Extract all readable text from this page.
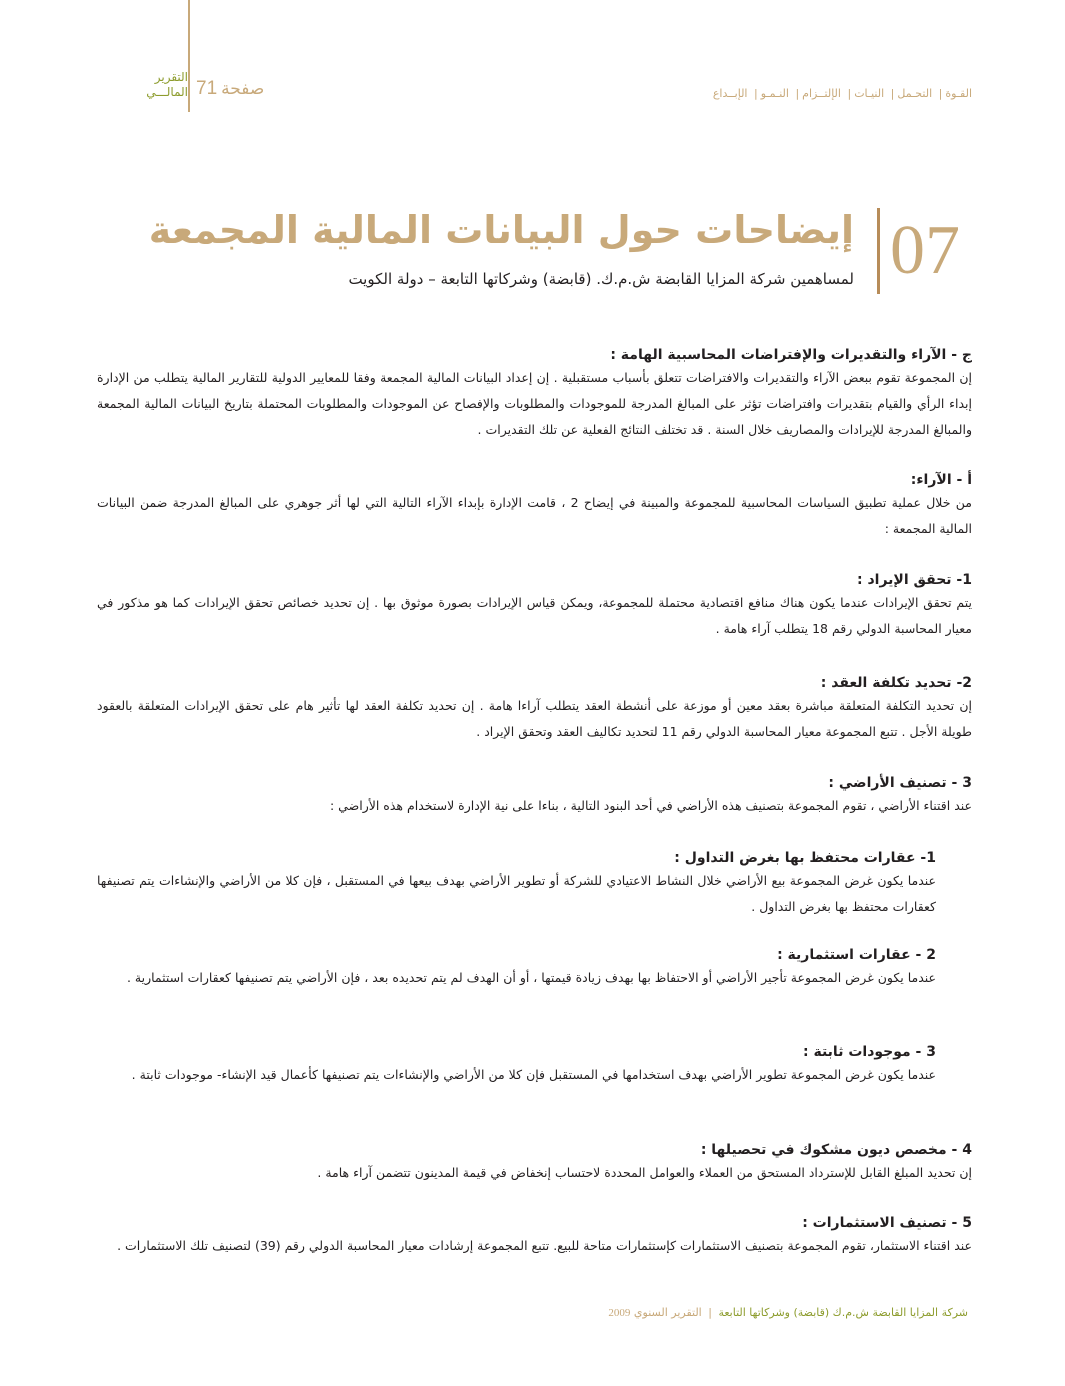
القـوة| التحـمل| النيـات| الإلتــزام| النـمـو| الإبــداع
التقرير
المالـــي	صفحة71
07
إيضاحات حول البيانات المالية المجمعة
لمساهمين شركة المزايا القابضة ش.م.ك. (قابضة) وشركاتها التابعة – دولة الكويت
ج - الآراء والتقديرات والإفتراضات المحاسبية الهامة :

إن المجموعة تقوم ببعض الآراء والتقديرات والافتراضات تتعلق بأسباب مستقبلية . إن إعداد البيانات المالية المجمعة وفقا للمعايير الدولية للتقارير المالية يتطلب من الإدارة إبداء الرأي والقيام بتقديرات وافتراضات تؤثر على المبالغ المدرجة للموجودات والمطلوبات والإفصاح عن الموجودات والمطلوبات المحتملة بتاريخ البيانات المالية المجمعة والمبالغ المدرجة للإيرادات والمصاريف خلال السنة . قد تختلف النتائج الفعلية عن تلك التقديرات .

أ - الآراء:

من خلال عملية تطبيق السياسات المحاسبية للمجموعة والمبينة في إيضاح 2 ، قامت الإدارة بإبداء الآراء التالية التي لها أثر جوهري على المبالغ المدرجة ضمن البيانات المالية المجمعة :

1- تحقق الإيراد :

يتم تحقق الإيرادات عندما يكون هناك منافع اقتصادية محتملة للمجموعة، ويمكن قياس الإيرادات بصورة موثوق بها . إن تحديد خصائص تحقق الإيرادات كما هو مذكور في معيار المحاسبة الدولي رقم 18 يتطلب آراء هامة .

2- تحديد تكلفة العقد :

إن تحديد التكلفة المتعلقة مباشرة بعقد معين أو موزعة على أنشطة العقد يتطلب آراءا هامة . إن تحديد تكلفة العقد لها تأثير هام على تحقق الإيرادات المتعلقة بالعقود طويلة الأجل . تتبع المجموعة معيار المحاسبة الدولي رقم 11 لتحديد تكاليف العقد وتحقق الإيراد .

3 - تصنيف الأراضي :

عند اقتناء الأراضي ، تقوم المجموعة بتصنيف هذه الأراضي في أحد البنود التالية ، بناءا على نية الإدارة لاستخدام هذه الأراضي :

1- عقارات محتفظ بها بغرض التداول :

عندما يكون غرض المجموعة بيع الأراضي خلال النشاط الاعتيادي للشركة أو تطوير الأراضي بهدف بيعها في المستقبل ، فإن كلا من الأراضي والإنشاءات يتم تصنيفها كعقارات محتفظ بها بغرض التداول .

2 - عقارات استثمارية :

عندما يكون غرض المجموعة تأجير الأراضي أو الاحتفاظ بها بهدف زيادة قيمتها ، أو أن الهدف لم يتم تحديده بعد ، فإن الأراضي يتم تصنيفها كعقارات استثمارية .

3 - موجودات ثابتة :

عندما يكون غرض المجموعة تطوير الأراضي بهدف استخدامها في المستقبل فإن كلا من الأراضي والإنشاءات يتم تصنيفها كأعمال قيد الإنشاء- موجودات ثابتة .

4 - مخصص ديون مشكوك في تحصيلها :

إن تحديد المبلغ القابل للإسترداد المستحق من العملاء والعوامل المحددة لاحتساب إنخفاض في قيمة المدينون تتضمن آراء هامة .

5 - تصنيف الاستثمارات :

عند اقتناء الاستثمار، تقوم المجموعة بتصنيف الاستثمارات كإستثمارات متاحة للبيع. تتبع المجموعة إرشادات معيار المحاسبة الدولي رقم (39) لتصنيف تلك الاستثمارات .

شركة المزايا القابضة ش.م.ك (قابضة) وشركاتها التابعة | التقرير السنوي 2009
